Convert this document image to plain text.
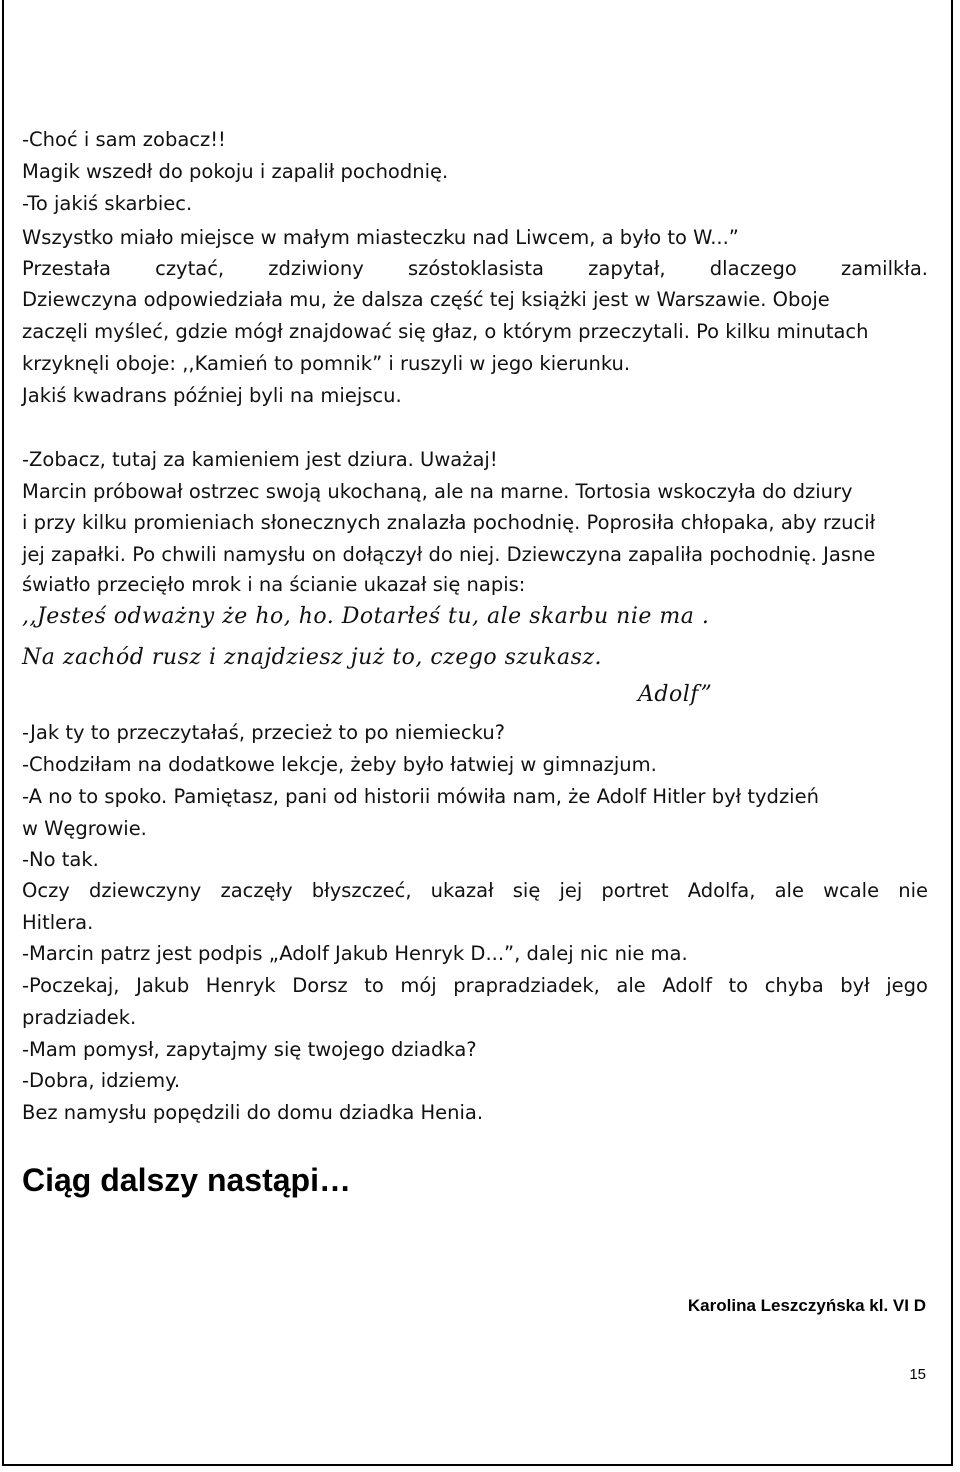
-Choć i sam zobacz!!
Magik wszedł do pokoju i zapalił pochodnię.
-To jakiś skarbiec.
Wszystko miało miejsce w małym miasteczku nad Liwcem, a było to W...”
Przestała czytać, zdziwiony szóstoklasista zapytał, dlaczego zamilkła.
Dziewczyna odpowiedziała mu, że dalsza część tej książki jest w Warszawie. Oboje
zaczęli myśleć, gdzie mógł znajdować się głaz, o którym przeczytali. Po kilku minutach
krzyknęli oboje: ,,Kamień to pomnik” i ruszyli w jego kierunku.
Jakiś kwadrans później byli na miejscu.
-Zobacz, tutaj za kamieniem jest dziura. Uważaj!
Marcin próbował ostrzec swoją ukochaną, ale na marne. Tortosia wskoczyła do dziury
i przy kilku promieniach słonecznych znalazła pochodnię. Poprosiła chłopaka, aby rzucił
jej zapałki. Po chwili namysłu on dołączył do niej. Dziewczyna zapaliła pochodnię. Jasne
światło przecięło mrok i na ścianie ukazał się napis:
,,Jesteś odważny że ho, ho. Dotarłeś tu, ale skarbu nie ma .
Na zachód rusz i znajdziesz już to, czego szukasz.
Adolf”
-Jak ty to przeczytałaś, przecież to po niemiecku?
-Chodziłam na dodatkowe lekcje, żeby było łatwiej w gimnazjum.
-A no to spoko. Pamiętasz, pani od historii mówiła nam, że Adolf Hitler był tydzień
w Węgrowie.
-No tak.
Oczy dziewczyny zaczęły błyszczeć, ukazał się jej portret Adolfa, ale wcale nie
Hitlera.
-Marcin patrz jest podpis „Adolf Jakub Henryk D...”, dalej nic nie ma.
-Poczekaj, Jakub Henryk Dorsz to mój prapradziadek, ale Adolf to chyba był jego
pradziadek.
-Mam pomysł, zapytajmy się twojego dziadka?
-Dobra, idziemy.
Bez namysłu popędzili do domu dziadka Henia.
Ciąg dalszy nastąpi…
Karolina Leszczyńska kl. VI D
15
